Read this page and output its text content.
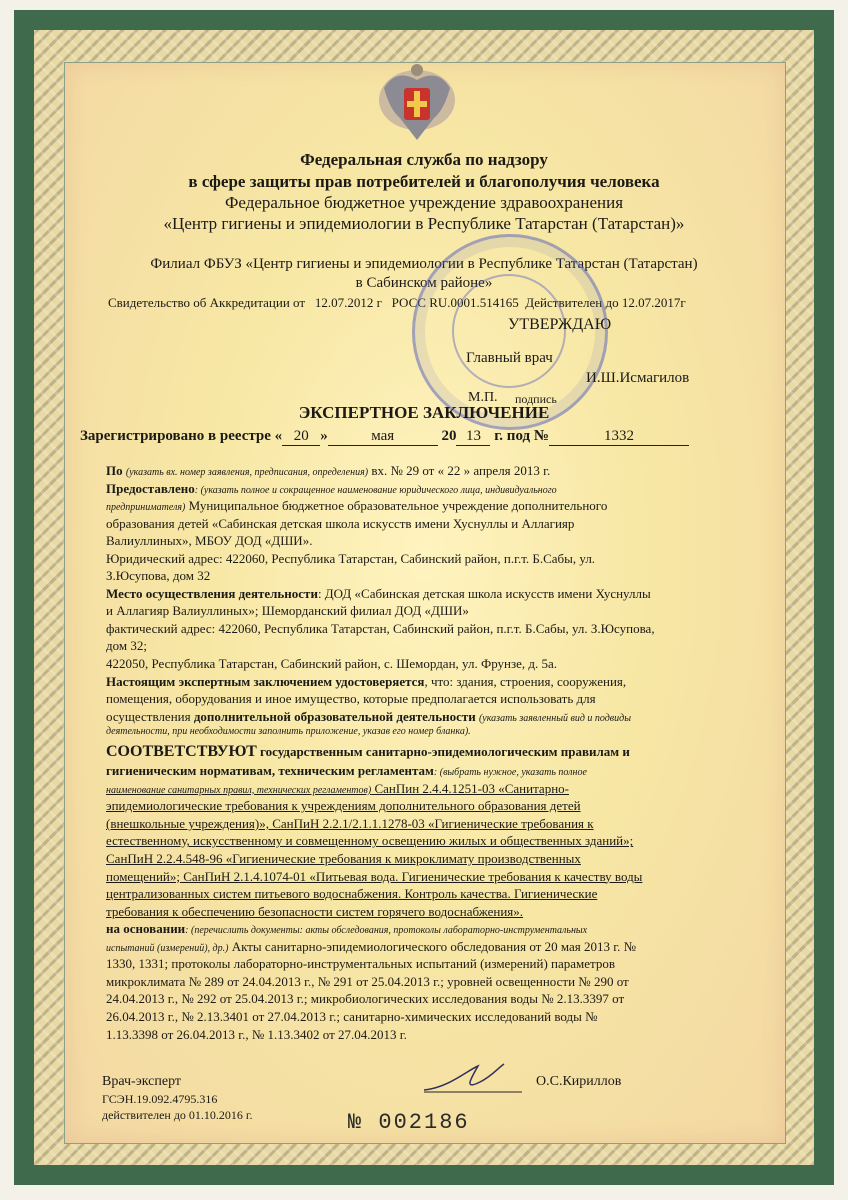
Федеральная служба по надзору

в сфере защиты прав потребителей и благополучия человека

Федеральное бюджетное учреждение здравоохранения

«Центр гигиены и эпидемиологии в Республике Татарстан (Татарстан)»

Филиал ФБУЗ «Центр гигиены и эпидемиологии в Республике Татарстан (Татарстан)

в Сабинском районе»

Свидетельство об Аккредитации от 12.07.2012 г РОСС RU.0001.514165 Действителен до 12.07.2017г

УТВЕРЖДАЮ

Главный врач

И.Ш.Исмагилов

М.П. подпись

ЭКСПЕРТНОЕ ЗАКЛЮЧЕНИЕ

Зарегистрировано в реестре « 20 »	мая	20 13 г. под №	1332

По (указать вх. номер заявления, предписания, определения) вх. № 29 от « 22 » апреля 2013 г.
Предоставлено: (указать полное и сокращенное наименование юридического лица, индивидуального
предпринимателя) Муниципальное бюджетное образовательное учреждение дополнительного
образования детей «Сабинская детская школа искусств имени Хуснуллы и Аллагияр
Валиуллиных», МБОУ ДОД «ДШИ».
Юридический адрес: 422060, Республика Татарстан, Сабинский район, п.г.т. Б.Сабы, ул.
З.Юсупова, дом 32
Место осуществления деятельности: ДОД «Сабинская детская школа искусств имени Хуснуллы
и Аллагияр Валиуллиных»; Шеморданский филиал ДОД «ДШИ»
фактический адрес: 422060, Республика Татарстан, Сабинский район, п.г.т. Б.Сабы, ул. З.Юсупова,
дом 32;
422050, Республика Татарстан, Сабинский район, с. Шемордан, ул. Фрунзе, д. 5а.
Настоящим экспертным заключением удостоверяется, что: здания, строения, сооружения,
помещения, оборудования и иное имущество, которые предполагается использовать для
осуществления дополнительной образовательной деятельности (указать заявленный вид и подвиды
деятельности, при необходимости заполнить приложение, указав его номер бланка).
СООТВЕТСТВУЮТ государственным санитарно-эпидемиологическим правилам и
гигиеническим нормативам, техническим регламентам: (выбрать нужное, указать полное
наименование санитарных правил, технических регламентов) СанПин 2.4.4.1251-03 «Санитарно-
эпидемиологические требования к учреждениям дополнительного образования детей
(внешкольные учреждения)», СанПиН 2.2.1/2.1.1.1278-03 «Гигиенические требования к
естественному, искусственному и совмещенному освещению жилых и общественных зданий»;
СанПиН 2.2.4.548-96 «Гигиенические требования к микроклимату производственных
помещений»; СанПиН 2.1.4.1074-01 «Питьевая вода. Гигиенические требования к качеству воды
централизованных систем питьевого водоснабжения. Контроль качества. Гигиенические
требования к обеспечению безопасности систем горячего водоснабжения».
на основании: (перечислить документы: акты обследования, протоколы лабораторно-инструментальных
испытаний (измерений), др.) Акты санитарно-эпидемиологического обследования от 20 мая 2013 г. №
1330, 1331; протоколы лабораторно-инструментальных испытаний (измерений) параметров
микроклимата № 289 от 24.04.2013 г., № 291 от 25.04.2013 г.; уровней освещенности № 290 от
24.04.2013 г., № 292 от 25.04.2013 г.; микробиологических исследования воды № 2.13.3397 от
26.04.2013 г., № 2.13.3401 от 27.04.2013 г.; санитарно-химических исследований воды №
1.13.3398 от 26.04.2013 г., № 1.13.3402 от 27.04.2013 г.

Врач-эксперт

ГСЭН.19.092.4795.316

действителен до 01.10.2016 г.

О.С.Кириллов

№ 002186
